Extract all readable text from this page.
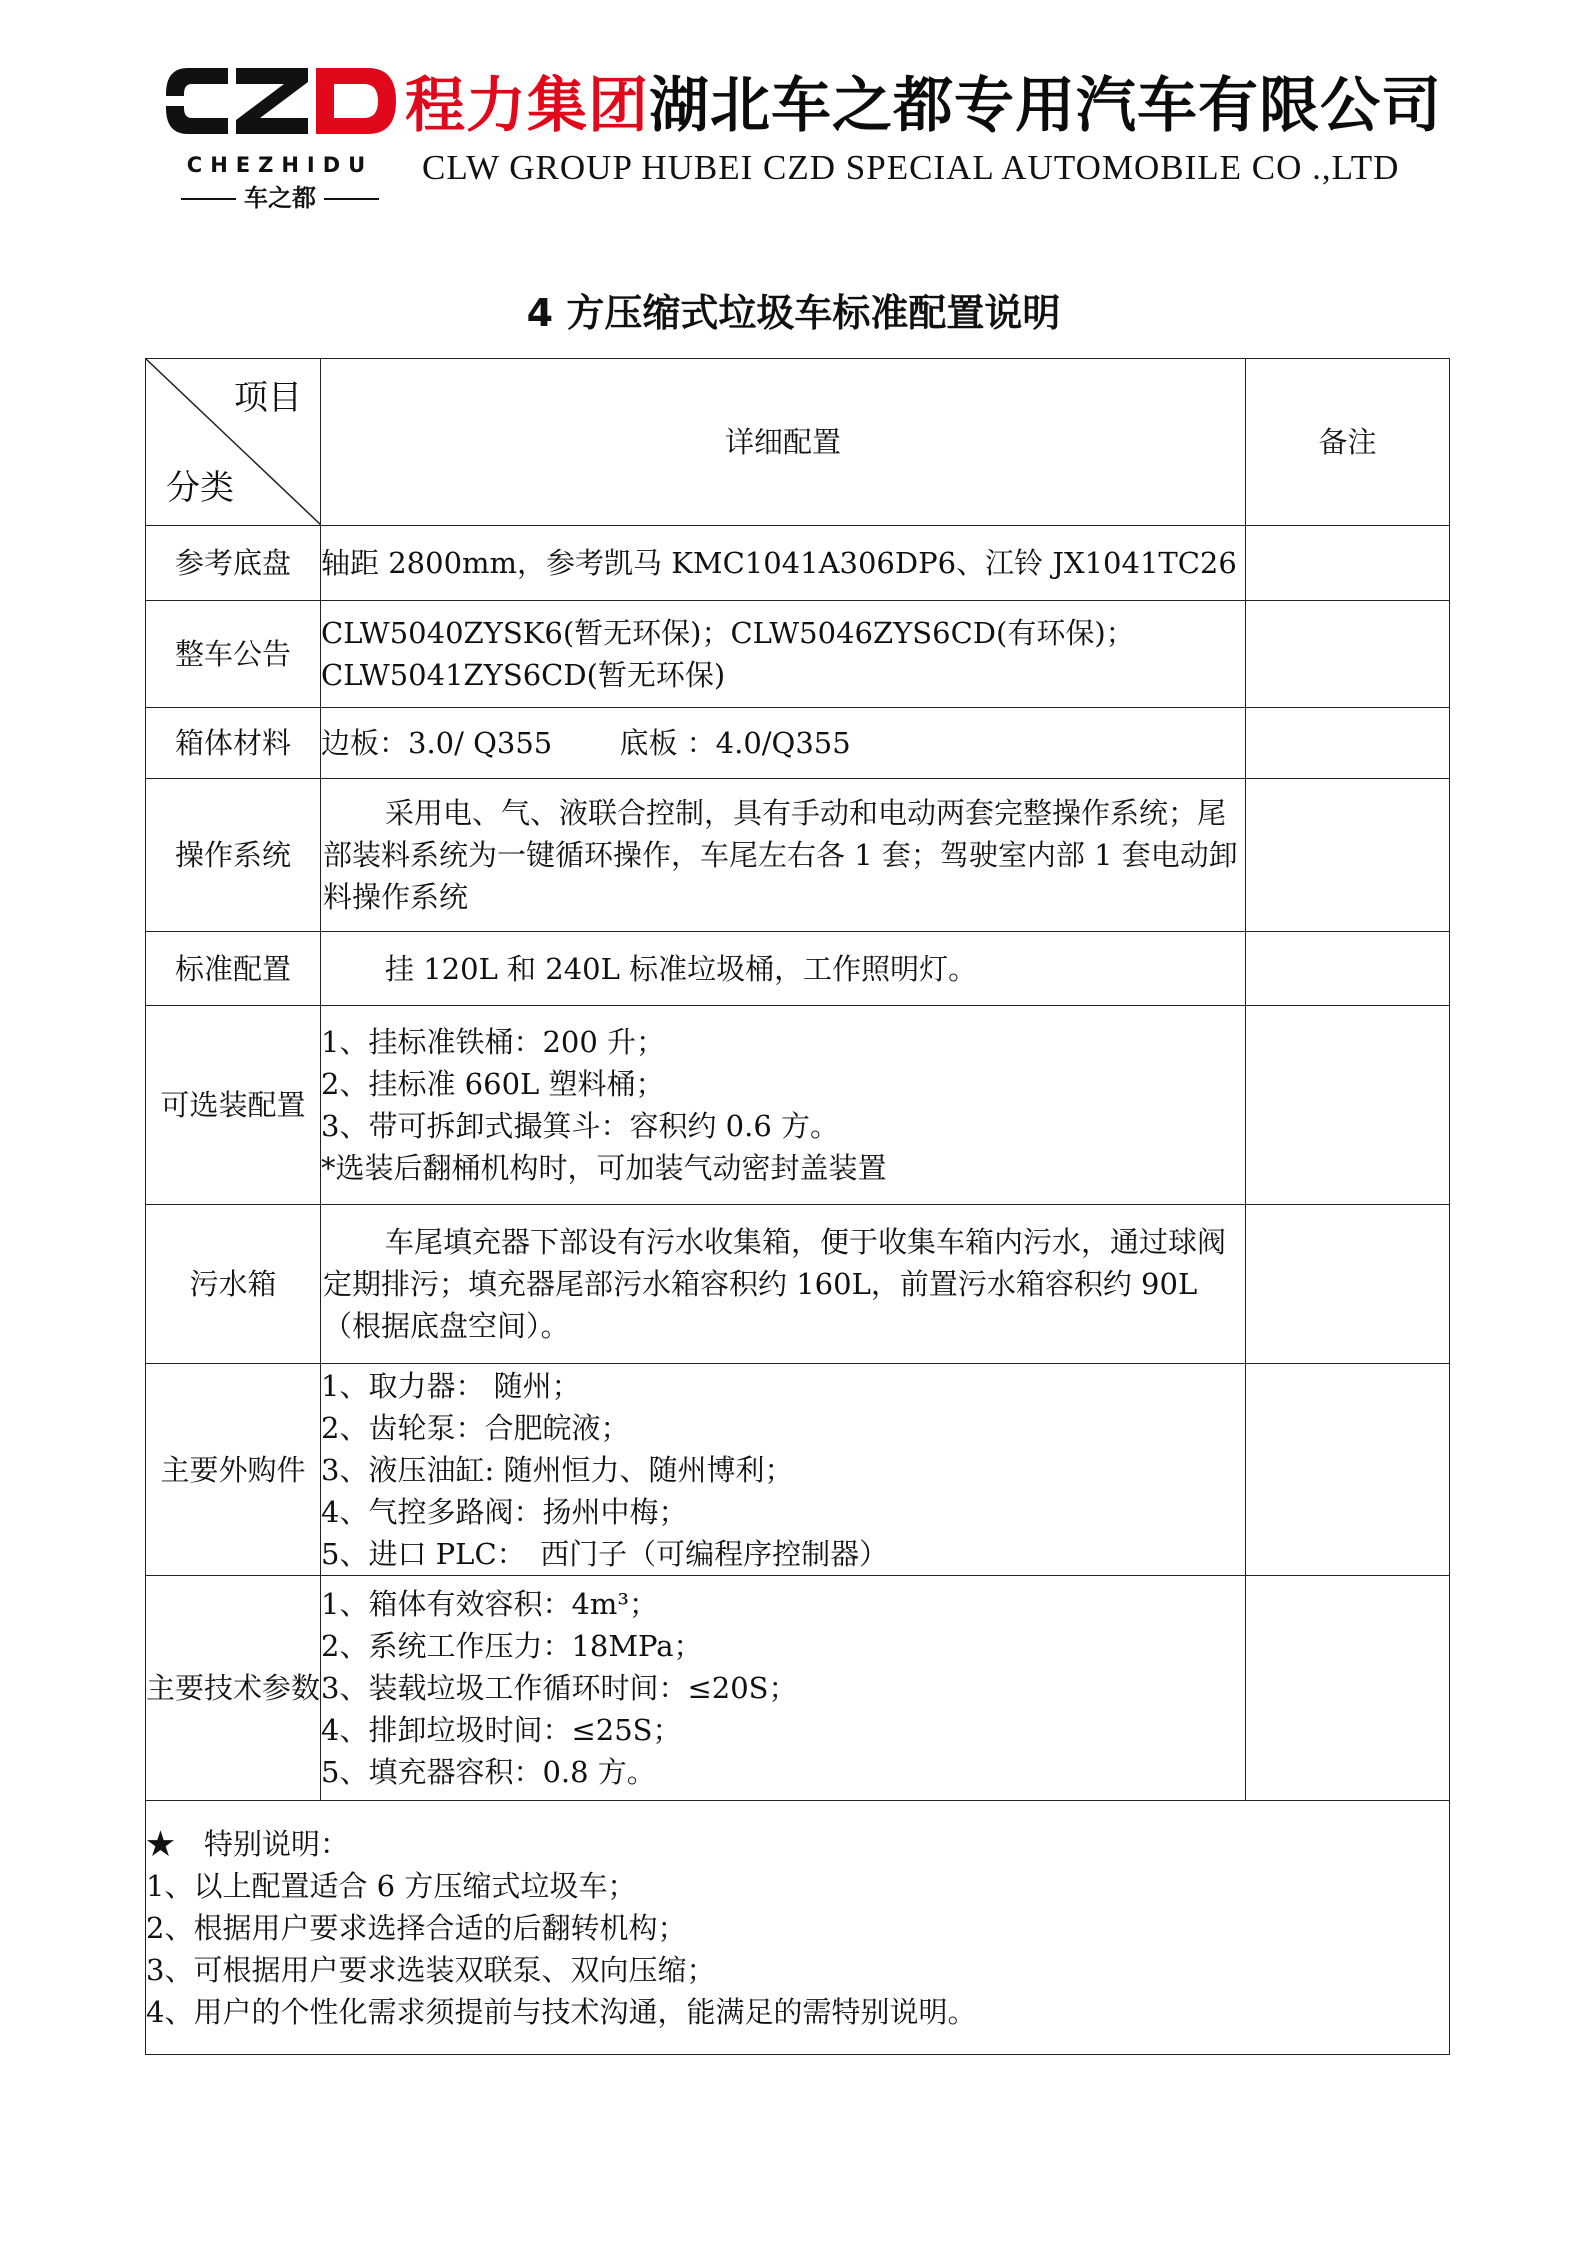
CHEZHIDU
车之都
程力集团湖北车之都专用汽车有限公司
CLW GROUP HUBEI CZD SPECIAL AUTOMOBILE CO .,LTD
4 方压缩式垃圾车标准配置说明
项目
分类	详细配置	备注
参考底盘	轴距 2800mm，参考凯马 KMC1041A306DP6、江铃 JX1041TC26	

整车公告	CLW5040ZYSK6(暂无环保)；CLW5046ZYS6CD(有环保)；
CLW5041ZYS6CD(暂无环保)	

箱体材料	边板：3.0/ Q355　　 底板 ：4.0/Q355	

操作系统	采用电、气、液联合控制，具有手动和电动两套完整操作系统；尾部装料系统为一键循环操作，车尾左右各 1 套；驾驶室内部 1 套电动卸料操作系统	
标准配置	挂 120L 和 240L 标准垃圾桶，工作照明灯。	
可选装配置	1、挂标准铁桶：200 升；
2、挂标准 660L 塑料桶；
3、带可拆卸式撮箕斗：容积约 0.6 方。
*选装后翻桶机构时，可加装气动密封盖装置	

污水箱	车尾填充器下部设有污水收集箱，便于收集车箱内污水，通过球阀定期排污；填充器尾部污水箱容积约 160L，前置污水箱容积约 90L（根据底盘空间）。	
主要外购件	1、取力器： 随州；
2、齿轮泵：合肥皖液；
3、液压油缸: 随州恒力、随州博利；
4、气控多路阀：扬州中梅；
5、进口 PLC：　西门子（可编程序控制器）	

主要技术参数	1、箱体有效容积：4m³；
2、系统工作压力：18MPa；
3、装载垃圾工作循环时间：≤20S；
4、排卸垃圾时间：≤25S；
5、填充器容积：0.8 方。	

★　特别说明：
1、以上配置适合 6 方压缩式垃圾车；
2、根据用户要求选择合适的后翻转机构；
3、可根据用户要求选装双联泵、双向压缩；
4、用户的个性化需求须提前与技术沟通，能满足的需特别说明。		
